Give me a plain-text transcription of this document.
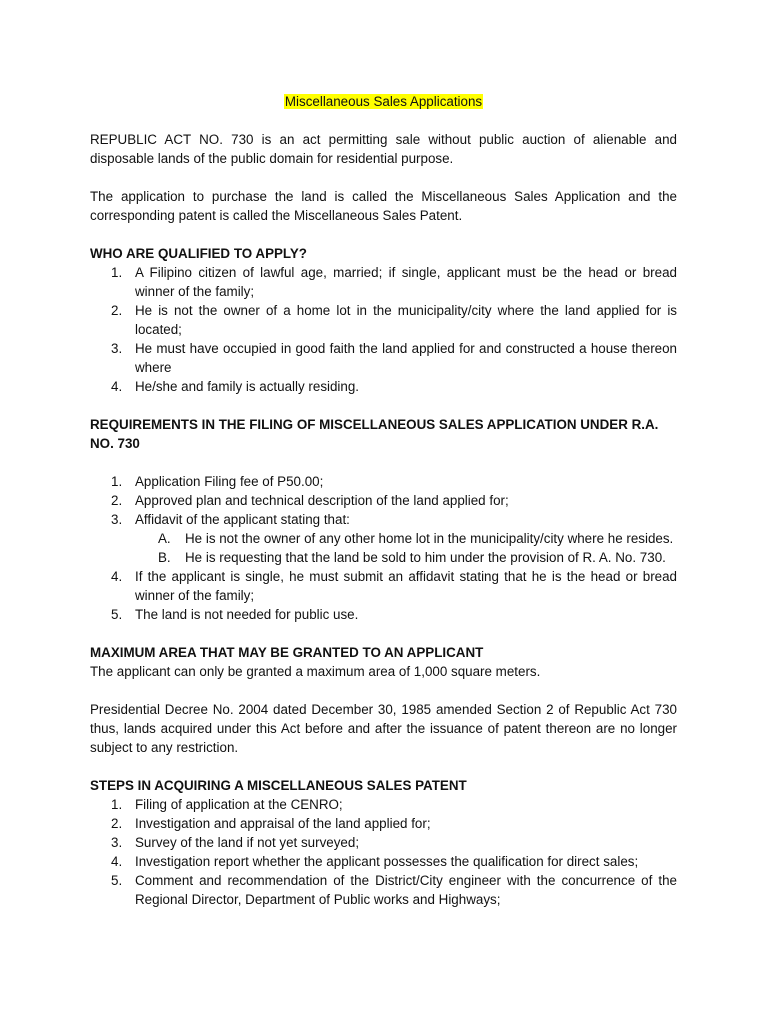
Miscellaneous Sales Applications

REPUBLIC ACT NO. 730 is an act permitting sale without public auction of alienable and disposable lands of the public domain for residential purpose.

The application to purchase the land is called the Miscellaneous Sales Application and the corresponding patent is called the Miscellaneous Sales Patent.

WHO ARE QUALIFIED TO APPLY?
1. A Filipino citizen of lawful age, married; if single, applicant must be the head or bread winner of the family;
2. He is not the owner of a home lot in the municipality/city where the land applied for is located;
3. He must have occupied in good faith the land applied for and constructed a house thereon where
4. He/she and family is actually residing.
REQUIREMENTS IN THE FILING OF MISCELLANEOUS SALES APPLICATION UNDER R.A. NO. 730
1. Application Filing fee of P50.00;
2. Approved plan and technical description of the land applied for;
3. Affidavit of the applicant stating that:
A. He is not the owner of any other home lot in the municipality/city where he resides.
B. He is requesting that the land be sold to him under the provision of R. A. No. 730.
4. If the applicant is single, he must submit an affidavit stating that he is the head or bread winner of the family;
5. The land is not needed for public use.
MAXIMUM AREA THAT MAY BE GRANTED TO AN APPLICANT
The applicant can only be granted a maximum area of 1,000 square meters.

Presidential Decree No. 2004 dated December 30, 1985 amended Section 2 of Republic Act 730 thus, lands acquired under this Act before and after the issuance of patent thereon are no longer subject to any restriction.

STEPS IN ACQUIRING A MISCELLANEOUS SALES PATENT
1. Filing of application at the CENRO;
2. Investigation and appraisal of the land applied for;
3. Survey of the land if not yet surveyed;
4. Investigation report whether the applicant possesses the qualification for direct sales;
5. Comment and recommendation of the District/City engineer with the concurrence of the Regional Director, Department of Public works and Highways;
